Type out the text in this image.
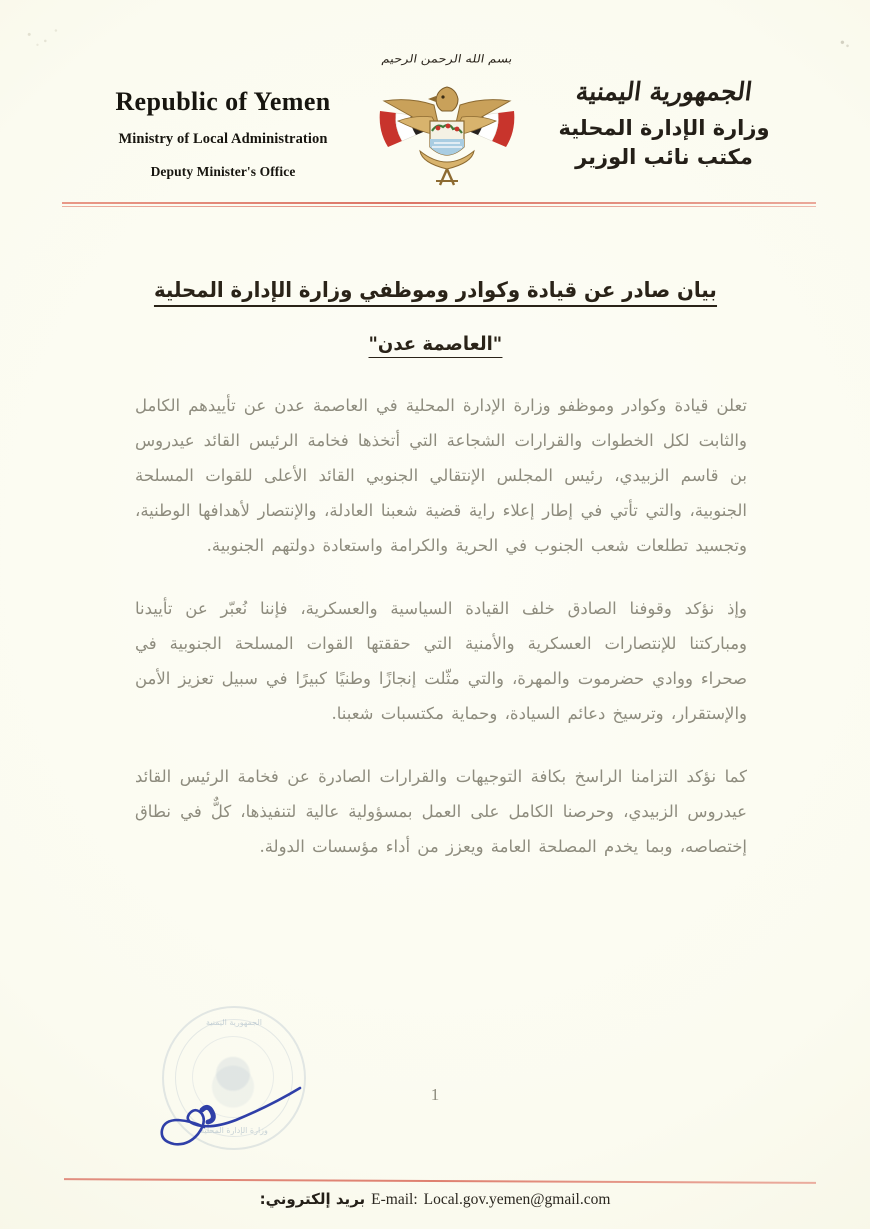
Republic of Yemen
Ministry of Local Administration
Deputy Minister's Office
بسم الله الرحمن الرحيم
الجمهورية اليمنية
وزارة الإدارة المحلية
مكتب نائب الوزير
بيان صادر عن قيادة وكوادر وموظفي وزارة الإدارة المحلية
"العاصمة عدن"

تعلن قيادة وكوادر وموظفو وزارة الإدارة المحلية في العاصمة عدن عن تأييدهم الكامل والثابت لكل الخطوات والقرارات الشجاعة التي أتخذها فخامة الرئيس القائد عيدروس بن قاسم الزبيدي، رئيس المجلس الإنتقالي الجنوبي القائد الأعلى للقوات المسلحة الجنوبية، والتي تأتي في إطار إعلاء راية قضية شعبنا العادلة، والإنتصار لأهدافها الوطنية، وتجسيد تطلعات شعب الجنوب في الحرية والكرامة واستعادة دولتهم الجنوبية.

وإذ نؤكد وقوفنا الصادق خلف القيادة السياسية والعسكرية، فإننا نُعبّر عن تأييدنا ومباركتنا للإنتصارات العسكرية والأمنية التي حققتها القوات المسلحة الجنوبية في صحراء ووادي حضرموت والمهرة، والتي مثّلت إنجازًا وطنيًا كبيرًا في سبيل تعزيز الأمن والإستقرار، وترسيخ دعائم السيادة، وحماية مكتسبات شعبنا.

كما نؤكد التزامنا الراسخ بكافة التوجيهات والقرارات الصادرة عن فخامة الرئيس القائد عيدروس الزبيدي، وحرصنا الكامل على العمل بمسؤولية عالية لتنفيذها، كلٌّ في نطاق إختصاصه، وبما يخدم المصلحة العامة ويعزز من أداء مؤسسات الدولة.

الجمهورية اليمنية
وزارة الإدارة المحلية
1
بريد إلكتروني: E-mail: Local.gov.yemen@gmail.com
